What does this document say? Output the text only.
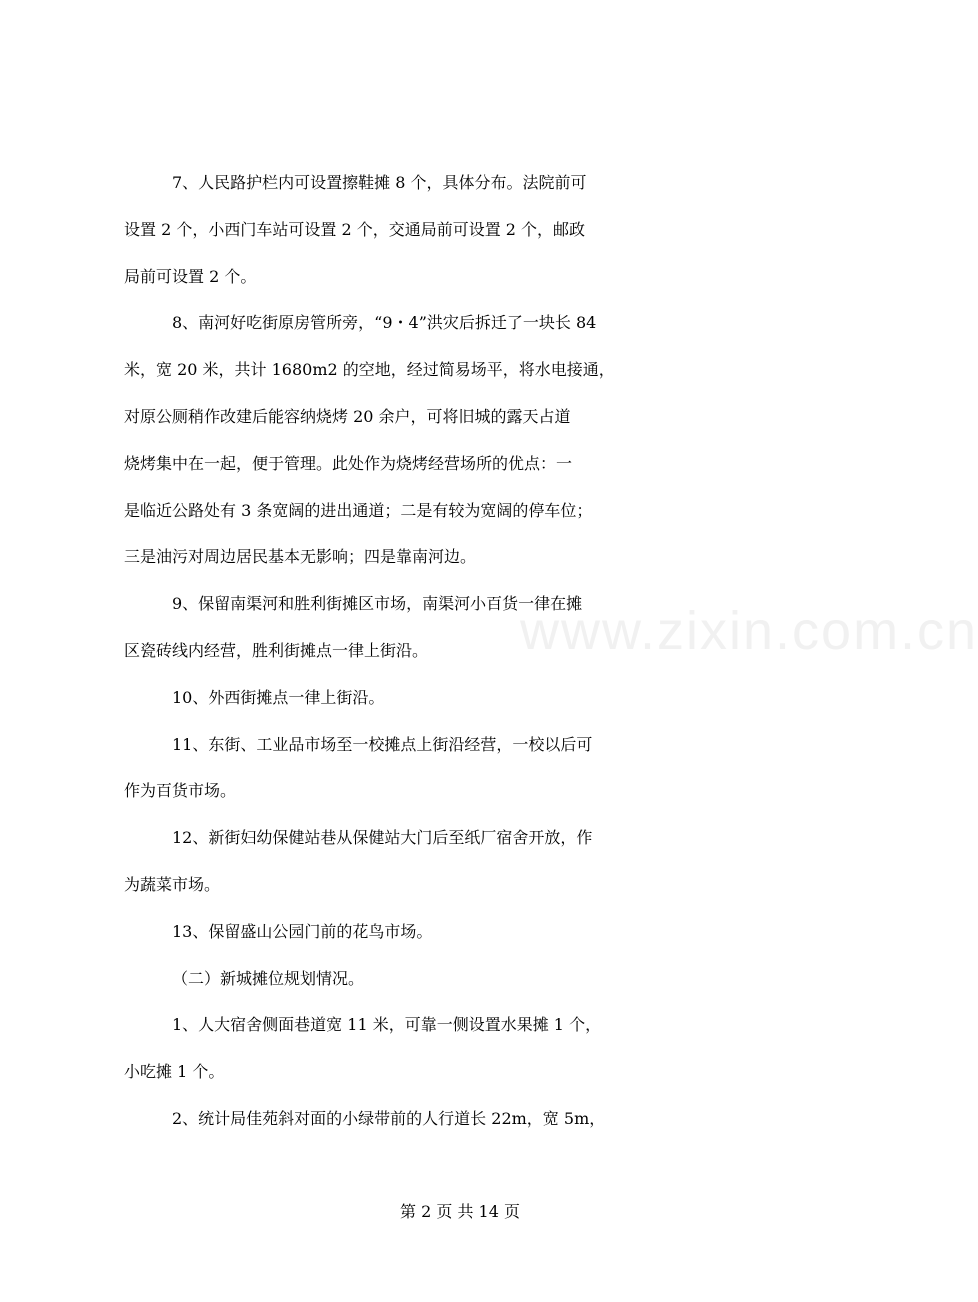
7、人民路护栏内可设置擦鞋摊 8 个，具体分布。法院前可
设置 2 个，小西门车站可设置 2 个，交通局前可设置 2 个，邮政
局前可设置 2 个。
8、南河好吃街原房管所旁，“9・4”洪灾后拆迁了一块长 84
米，宽 20 米，共计 1680m2 的空地，经过简易场平，将水电接通，
对原公厕稍作改建后能容纳烧烤 20 余户，可将旧城的露天占道
烧烤集中在一起，便于管理。此处作为烧烤经营场所的优点：一
是临近公路处有 3 条宽阔的进出通道；二是有较为宽阔的停车位；
三是油污对周边居民基本无影响；四是靠南河边。
9、保留南渠河和胜利街摊区市场，南渠河小百货一律在摊
区瓷砖线内经营，胜利街摊点一律上街沿。
10、外西街摊点一律上街沿。
11、东街、工业品市场至一校摊点上街沿经营，一校以后可
作为百货市场。
12、新街妇幼保健站巷从保健站大门后至纸厂宿舍开放，作
为蔬菜市场。
13、保留盛山公园门前的花鸟市场。
（二）新城摊位规划情况。
1、人大宿舍侧面巷道宽 11 米，可靠一侧设置水果摊 1 个，
小吃摊 1 个。
2、统计局佳苑斜对面的小绿带前的人行道长 22m，宽 5m，
www.zixin.com.cn
第 2 页 共 14 页
